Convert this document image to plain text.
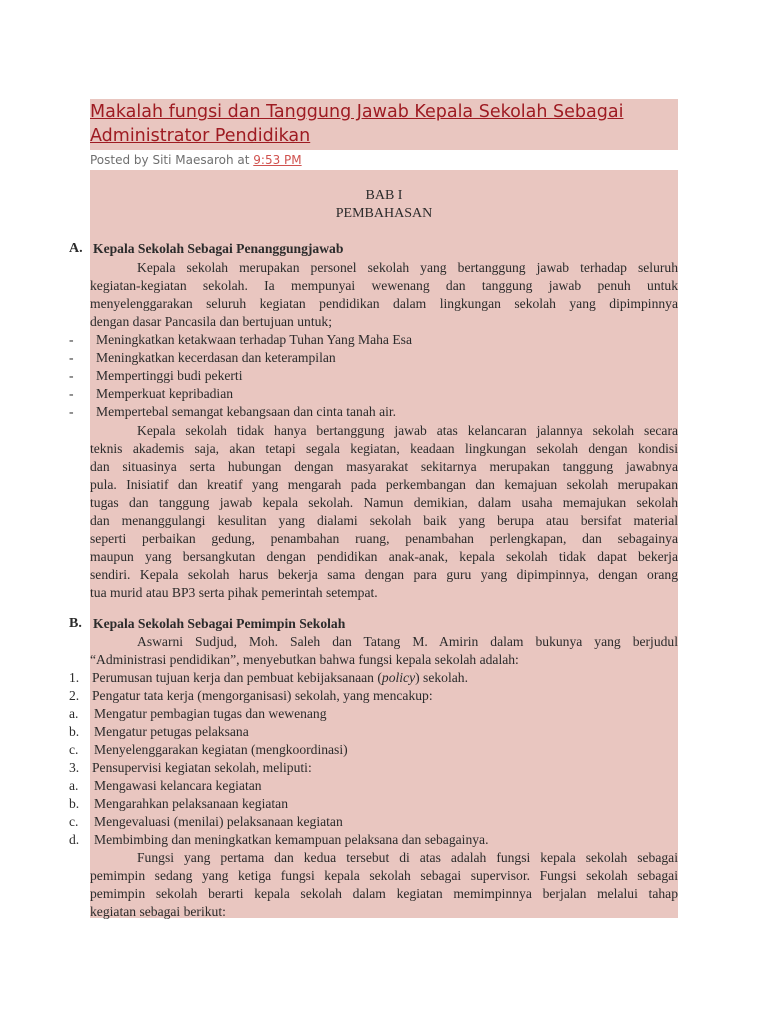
Makalah fungsi dan Tanggung Jawab Kepala Sekolah Sebagai Administrator Pendidikan
Posted by Siti Maesaroh at 9:53 PM
BAB I
PEMBAHASAN
A. Kepala Sekolah Sebagai Penanggungjawab
Kepala sekolah merupakan personel sekolah yang bertanggung jawab terhadap seluruh
kegiatan-kegiatan sekolah. Ia mempunyai wewenang dan tanggung jawab penuh untuk
menyelenggarakan seluruh kegiatan pendidikan dalam lingkungan sekolah yang dipimpinnya
dengan dasar Pancasila dan bertujuan untuk;
- Meningkatkan ketakwaan terhadap Tuhan Yang Maha Esa
- Meningkatkan kecerdasan dan keterampilan
- Mempertinggi budi pekerti
- Memperkuat kepribadian
- Mempertebal semangat kebangsaan dan cinta tanah air.
Kepala sekolah tidak hanya bertanggung jawab atas kelancaran jalannya sekolah secara
teknis akademis saja, akan tetapi segala kegiatan, keadaan lingkungan sekolah dengan kondisi
dan situasinya serta hubungan dengan masyarakat sekitarnya merupakan tanggung jawabnya
pula. Inisiatif dan kreatif yang mengarah pada perkembangan dan kemajuan sekolah merupakan
tugas dan tanggung jawab kepala sekolah. Namun demikian, dalam usaha memajukan sekolah
dan menanggulangi kesulitan yang dialami sekolah baik yang berupa atau bersifat material
seperti perbaikan gedung, penambahan ruang, penambahan perlengkapan, dan sebagainya
maupun yang bersangkutan dengan pendidikan anak-anak, kepala sekolah tidak dapat bekerja
sendiri. Kepala sekolah harus bekerja sama dengan para guru yang dipimpinnya, dengan orang
tua murid atau BP3 serta pihak pemerintah setempat.
B. Kepala Sekolah Sebagai Pemimpin Sekolah
Aswarni Sudjud, Moh. Saleh dan Tatang M. Amirin dalam bukunya yang berjudul
“Administrasi pendidikan”, menyebutkan bahwa fungsi kepala sekolah adalah:
1. Perumusan tujuan kerja dan pembuat kebijaksanaan (policy) sekolah.
2. Pengatur tata kerja (mengorganisasi) sekolah, yang mencakup:
a. Mengatur pembagian tugas dan wewenang
b. Mengatur petugas pelaksana
c. Menyelenggarakan kegiatan (mengkoordinasi)
3. Pensupervisi kegiatan sekolah, meliputi:
a. Mengawasi kelancara kegiatan
b. Mengarahkan pelaksanaan kegiatan
c. Mengevaluasi (menilai) pelaksanaan kegiatan
d. Membimbing dan meningkatkan kemampuan pelaksana dan sebagainya.
Fungsi yang pertama dan kedua tersebut di atas adalah fungsi kepala sekolah sebagai
pemimpin sedang yang ketiga fungsi kepala sekolah sebagai supervisor. Fungsi sekolah sebagai
pemimpin sekolah berarti kepala sekolah dalam kegiatan memimpinnya berjalan melalui tahap
kegiatan sebagai berikut:
